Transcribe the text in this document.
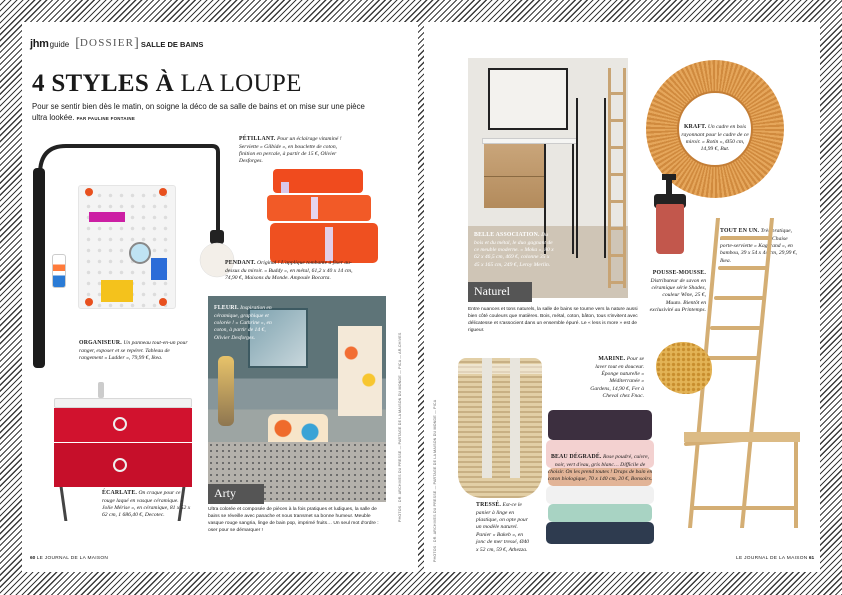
jhm guide [DOSSIER] SALLE DE BAINS
4 STYLES À LA LOUPE
Pour se sentir bien dès le matin, on soigne la déco de sa salle de bains et on mise sur une pièce ultra lookée. PAR PAULINE FONTAINE
PÉTILLANT. Pour un éclairage vitaminé ! Serviette « Gilbide », en bouclette de coton, finition en percale, à partir de 15 €, Olivier Desforges.
PENDANT. Original ! L'applique tombante à fixer au-dessus du miroir. « Buddy », en métal, 61,2 x 40 x 14 cm, 74,90 €, Maisons du Monde. Ampoule Bocarta.
ORGANISEUR. Un panneau tout-en-un pour ranger, exposer et se repérer. Tableau de rangement « Ladder », 79,99 €, Ikea.
ÉCARLATE. On craque pour ce rouge laqué en vasque céramique. « Jolie Mérise », en céramique, 81 x 52 x 62 cm, 1 686,40 €, Decotec.
Arty
FLEURI. Inspiration en céramique, graphique et colorée ! « Cathrine », en coton, à partir de 14 €, Olivier Desforges.
Ultra colorée et composée de pièces à la fois pratiques et ludiques, la salle de bains se réveille avec panache et nous transmet sa bonne humeur. Meuble vasque rouge sangria, linge de bain pop, imprimé fruits… Un seul mot d'ordre : oser pour se démarquer !
PHOTOS : DR. ARCHIVES DU PRESSE — PARTAGE DE LA MAISON DU MONDE — PICA — AR-CHIVES
60 LE JOURNAL DE LA MAISON	PHOTOS : DR. ARCHIVES DU PRESSE — PARTAGE DE LA MAISON DU MONDE — PICA
BELLE ASSOCIATION. Du bois et du métal, le duo gagnant de ce meuble moderne. « Moka », 80 x 62 x 46,5 cm, 469 €, colonne 35 x 45 x 165 cm, 249 €, Leroy Merlin.
Naturel
Entre nuances et tons naturels, la salle de bains se tourne vers la nature aussi bien côté couleurs que matières. Bois, métal, coton, bâton, tous s'invitent avec délicatesse et s'associent dans un ensemble épuré. Le « less is more » est de rigueur.
KRAFT. Un cadre en bois rayonnant pour le cadre de ce miroir. « Rotin », Ø50 cm, 14,99 €, But.
POUSSE-MOUSSE. Distributeur de savon en céramique série Shades, couleur Wine, 25 €, Muuto. Bientôt en exclusivité au Printemps.
TOUT EN UN. Très pratique, convertible à tout bon. Chaise porte-serviette « Kagerand », en bambou, 39 x 54 x 44 cm, 29,99 €, Ikea.
MARINE. Pour se laver tout en douceur. Éponge naturelle « Méditerranée » Gardens, 14,90 €, Fer à Cheval chez Fnac.
TRESSÉ. Est-ce le panier à linge en plastique, on opte pour un modèle naturel. Panier « Bakeb », en jonc de mer tressé, Ø40 x 52 cm, 59 €, Athezza.
BEAU DÉGRADÉ. Rose poudré, cuivre, noir, vert d'eau, gris blanc… Difficile de choisir. On les prend toutes ! Draps de bain en coton biologique, 70 x 140 cm, 20 €, Bonsoirs.
LE JOURNAL DE LA MAISON 61
